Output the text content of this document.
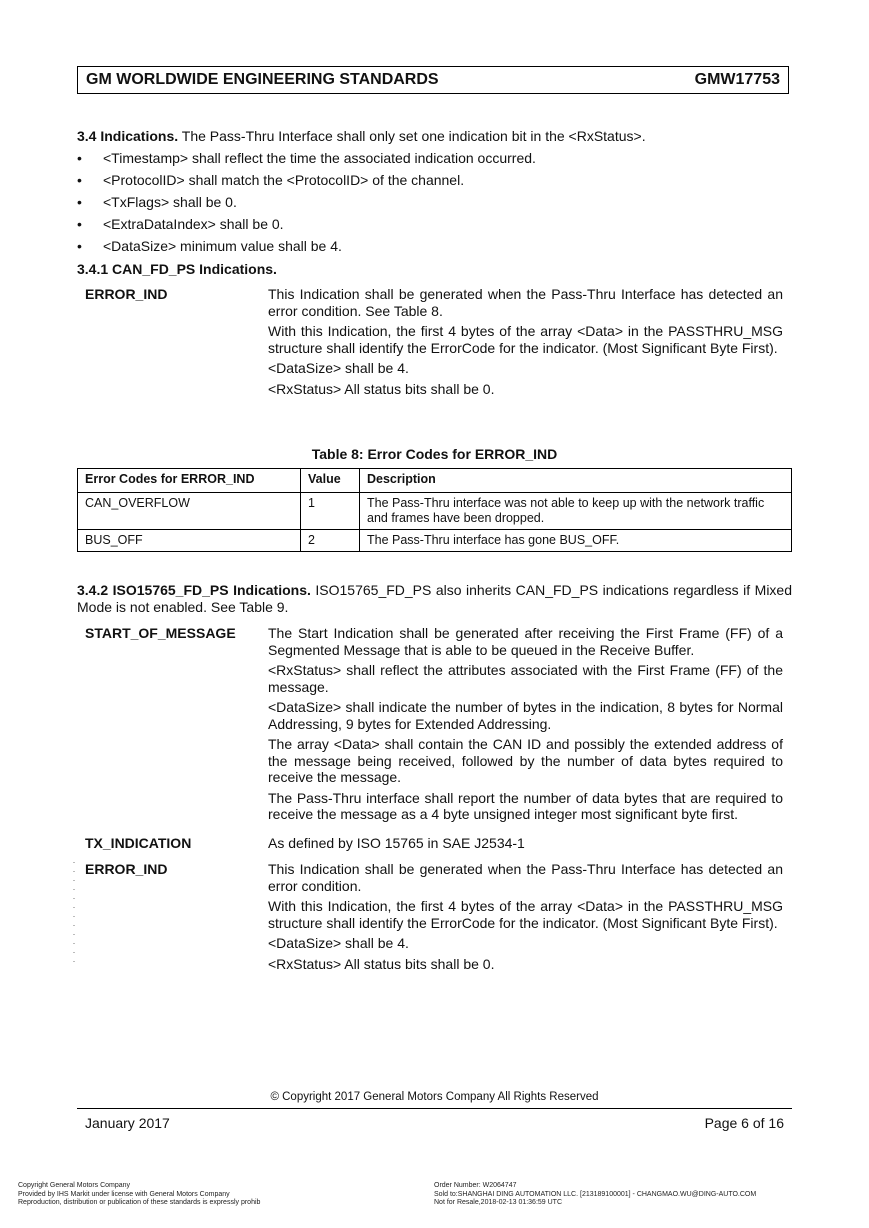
GM WORLDWIDE ENGINEERING STANDARDS	GMW17753
3.4 Indications. The Pass-Thru Interface shall only set one indication bit in the <RxStatus>.
• <Timestamp> shall reflect the time the associated indication occurred.
• <ProtocolID> shall match the <ProtocolID> of the channel.
• <TxFlags> shall be 0.
• <ExtraDataIndex> shall be 0.
• <DataSize> minimum value shall be 4.
3.4.1 CAN_FD_PS Indications.
ERROR_IND	This Indication shall be generated when the Pass-Thru Interface has detected an error condition. See Table 8.

With this Indication, the first 4 bytes of the array <Data> in the PASSTHRU_MSG structure shall identify the ErrorCode for the indicator. (Most Significant Byte First).

<DataSize> shall be 4.

<RxStatus> All status bits shall be 0.

Table 8: Error Codes for ERROR_IND
Error Codes for ERROR_IND	Value	Description
CAN_OVERFLOW	1	The Pass-Thru interface was not able to keep up with the network traffic and frames have been dropped.
BUS_OFF	2	The Pass-Thru interface has gone BUS_OFF.
3.4.2 ISO15765_FD_PS Indications. ISO15765_FD_PS also inherits CAN_FD_PS indications regardless if Mixed Mode is not enabled. See Table 9.
START_OF_MESSAGE	The Start Indication shall be generated after receiving the First Frame (FF) of a Segmented Message that is able to be queued in the Receive Buffer.

<RxStatus> shall reflect the attributes associated with the First Frame (FF) of the message.

<DataSize> shall indicate the number of bytes in the indication, 8 bytes for Normal Addressing, 9 bytes for Extended Addressing.

The array <Data> shall contain the CAN ID and possibly the extended address of the message being received, followed by the number of data bytes required to receive the message.

The Pass-Thru interface shall report the number of data bytes that are required to receive the message as a 4 byte unsigned integer most significant byte first.

TX_INDICATION	As defined by ISO 15765 in SAE J2534-1

ERROR_IND	This Indication shall be generated when the Pass-Thru Interface has detected an error condition.

With this Indication, the first 4 bytes of the array <Data> in the PASSTHRU_MSG structure shall identify the ErrorCode for the indicator. (Most Significant Byte First).

<DataSize> shall be 4.

<RxStatus> All status bits shall be 0.

© Copyright 2017 General Motors Company All Rights Reserved
January 2017	Page 6 of 16
Copyright General Motors Company
Provided by IHS Markit under license with General Motors Company
Reproduction, distribution or publication of these standards is expressly prohib
Order Number: W2064747
Sold to:SHANGHAI DING AUTOMATION LLC. [213189100001] - CHANGMAO.WU@DING-AUTO.COM
Not for Resale,2018-02-13 01:36:59 UTC
